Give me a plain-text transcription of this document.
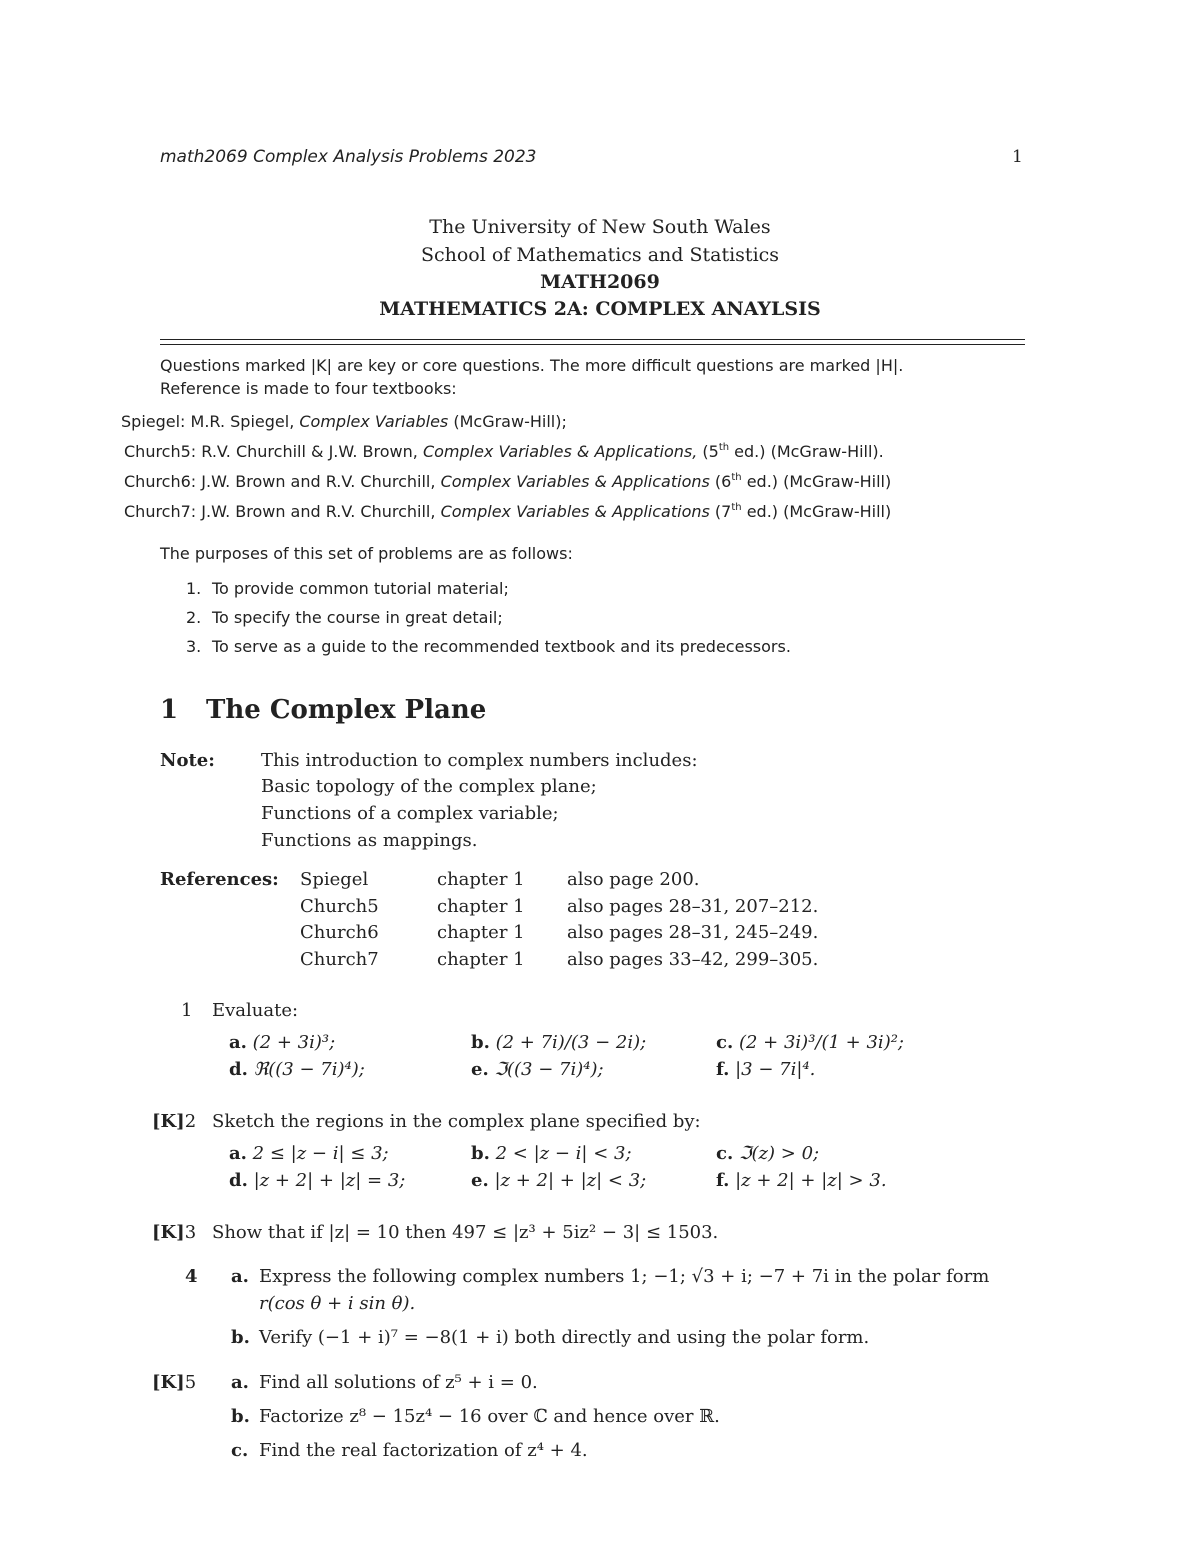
math2069 Complex Analysis Problems 2023	1
The University of New South Wales
School of Mathematics and Statistics
MATH2069
MATHEMATICS 2A: COMPLEX ANAYLSIS
Questions marked |K| are key or core questions. The more difficult questions are marked |H|.
Reference is made to four textbooks:
Spiegel: M.R. Spiegel, Complex Variables (McGraw-Hill);
Church5: R.V. Churchill & J.W. Brown, Complex Variables & Applications, (5th ed.) (McGraw-Hill).
Church6: J.W. Brown and R.V. Churchill, Complex Variables & Applications (6th ed.) (McGraw-Hill)
Church7: J.W. Brown and R.V. Churchill, Complex Variables & Applications (7th ed.) (McGraw-Hill)
The purposes of this set of problems are as follows:
1. To provide common tutorial material;
2. To specify the course in great detail;
3. To serve as a guide to the recommended textbook and its predecessors.
1 The Complex Plane
Note:	This introduction to complex numbers includes:
Basic topology of the complex plane;
Functions of a complex variable;
Functions as mappings.
References: Spiegel	chapter 1 also page 200.
Church5	chapter 1 also pages 28–31, 207–212.
Church6	chapter 1 also pages 28–31, 245–249.
Church7	chapter 1 also pages 33–42, 299–305.
1 Evaluate:
a. (2 + 3i)³;	b. (2 + 7i)/(3 − 2i);	c. (2 + 3i)³/(1 + 3i)²;
d. ℜ((3 − 7i)⁴);	e. ℑ((3 − 7i)⁴);	f. |3 − 7i|⁴.
[K]2 Sketch the regions in the complex plane specified by:
a. 2 ≤ |z − i| ≤ 3;	b. 2 < |z − i| < 3;	c. ℑ(z) > 0;
d. |z + 2| + |z| = 3;	e. |z + 2| + |z| < 3;	f. |z + 2| + |z| > 3.
[K]3 Show that if |z| = 10 then 497 ≤ |z³ + 5iz² − 3| ≤ 1503.
4 a. Express the following complex numbers 1; −1; √3 + i; −7 + 7i in the polar form
r(cos θ + i sin θ).
b. Verify (−1 + i)⁷ = −8(1 + i) both directly and using the polar form.
[K]5 a. Find all solutions of z⁵ + i = 0.
b. Factorize z⁸ − 15z⁴ − 16 over ℂ and hence over ℝ.
c. Find the real factorization of z⁴ + 4.
